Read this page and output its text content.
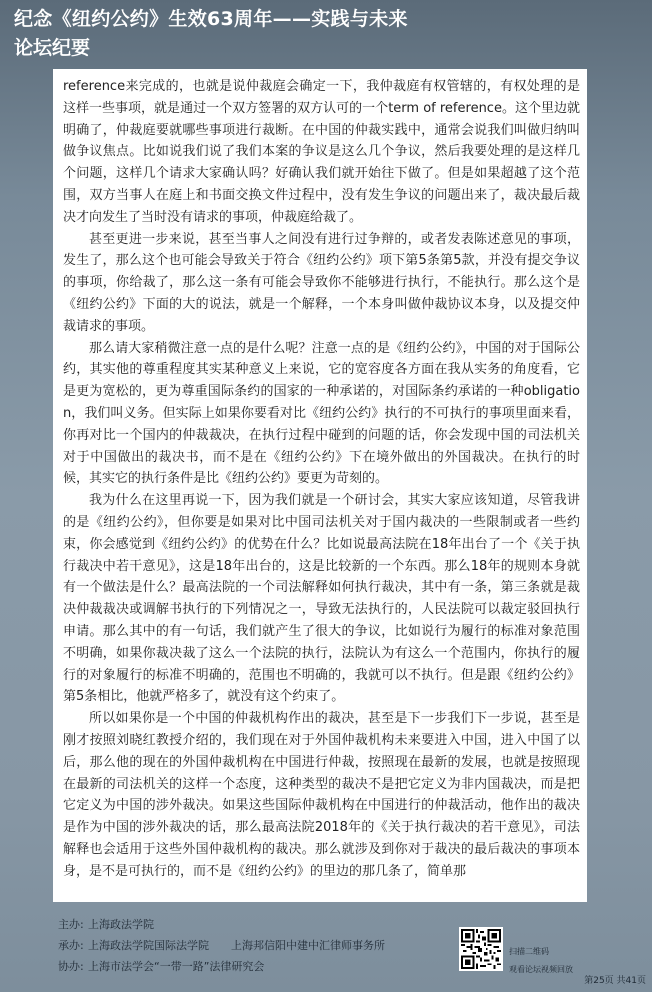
纪念《纽约公约》生效63周年——实践与未来
论坛纪要

reference来完成的，也就是说仲裁庭会确定一下，我仲裁庭有权管辖的，有权处理的是这样一些事项，就是通过一个双方签署的双方认可的一个term of reference。这个里边就明确了，仲裁庭要就哪些事项进行裁断。在中国的仲裁实践中，通常会说我们叫做归纳叫做争议焦点。比如说我们说了我们本案的争议是这么几个争议，然后我要处理的是这样几个问题，这样几个请求大家确认吗？好确认我们就开始往下做了。但是如果超越了这个范围，双方当事人在庭上和书面交换文件过程中，没有发生争议的问题出来了，裁决最后裁决才向发生了当时没有请求的事项，仲裁庭给裁了。

甚至更进一步来说，甚至当事人之间没有进行过争辩的，或者发表陈述意见的事项，发生了，那么这个也可能会导致关于符合《纽约公约》项下第5条第5款，并没有提交争议的事项，你给裁了，那么这一条有可能会导致你不能够进行执行，不能执行。那么这个是《纽约公约》下面的大的说法，就是一个解释，一个本身叫做仲裁协议本身，以及提交仲裁请求的事项。

那么请大家稍微注意一点的是什么呢？注意一点的是《纽约公约》，中国的对于国际公约，其实他的尊重程度其实某种意义上来说，它的宽容度各方面在我从实务的角度看，它是更为宽松的，更为尊重国际条约的国家的一种承诺的，对国际条约承诺的一种obligation，我们叫义务。但实际上如果你要看对比《纽约公约》执行的不可执行的事项里面来看，你再对比一个国内的仲裁裁决，在执行过程中碰到的问题的话，你会发现中国的司法机关对于中国做出的裁决书，而不是在《纽约公约》下在境外做出的外国裁决。在执行的时候，其实它的执行条件是比《纽约公约》要更为苛刻的。

我为什么在这里再说一下，因为我们就是一个研讨会，其实大家应该知道，尽管我讲的是《纽约公约》，但你要是如果对比中国司法机关对于国内裁决的一些限制或者一些约束，你会感觉到《纽约公约》的优势在什么？比如说最高法院在18年出台了一个《关于执行裁决中若干意见》，这是18年出台的，这是比较新的一个东西。那么18年的规则本身就有一个做法是什么？最高法院的一个司法解释如何执行裁决，其中有一条，第三条就是裁决仲裁裁决或调解书执行的下列情况之一，导致无法执行的，人民法院可以裁定驳回执行申请。那么其中的有一句话，我们就产生了很大的争议，比如说行为履行的标准对象范围不明确，如果你裁决裁了这么一个法院的执行，法院认为有这么一个范围内，你执行的履行的对象履行的标准不明确的，范围也不明确的，我就可以不执行。但是跟《纽约公约》第5条相比，他就严格多了，就没有这个约束了。

所以如果你是一个中国的仲裁机构作出的裁决，甚至是下一步我们下一步说，甚至是刚才按照刘晓红教授介绍的，我们现在对于外国仲裁机构未来要进入中国，进入中国了以后，那么他的现在的外国仲裁机构在中国进行仲裁，按照现在最新的发展，也就是按照现在最新的司法机关的这样一个态度，这种类型的裁决不是把它定义为非内国裁决，而是把它定义为中国的涉外裁决。如果这些国际仲裁机构在中国进行的仲裁活动，他作出的裁决是作为中国的涉外裁决的话，那么最高法院2018年的《关于执行裁决的若干意见》，司法解释也会适用于这些外国仲裁机构的裁决。那么就涉及到你对于裁决的最后裁决的事项本身，是不是可执行的，而不是《纽约公约》的里边的那几条了，简单那

主办: 上海政法学院
承办: 上海政法学院国际法学院 上海邦信阳中建中汇律师事务所
协办: 上海市法学会“一带一路”法律研究会
扫描二维码
观看论坛视频回放
第25页 共41页
